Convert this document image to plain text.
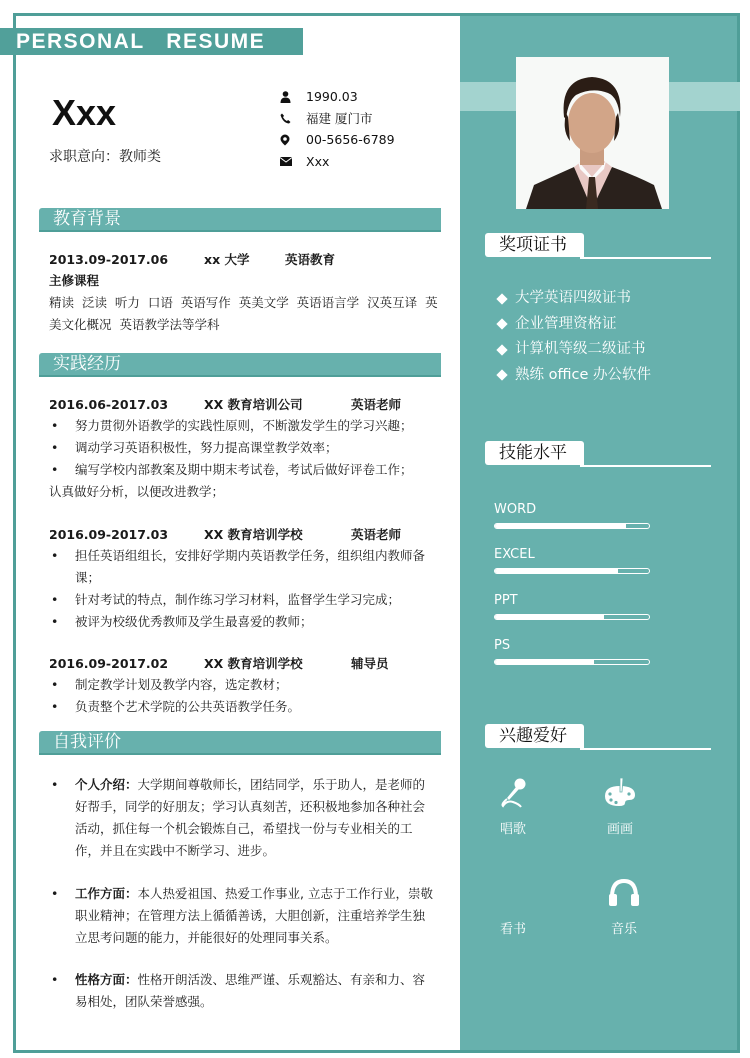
PERSONAL   RESUME
Xxx
求职意向：教师类
1990.03
福建 厦门市
00-5656-6789
Xxx
教育背景
2013.09-2017.06	xx 大学	英语教育
主修课程
精读  泛读  听力  口语  英语写作  英美文学  英语语言学  汉英互译  英
美文化概况  英语教学法等学科
实践经历
2016.06-2017.03	XX 教育培训公司	英语老师
•	努力贯彻外语教学的实践性原则，不断激发学生的学习兴趣；
•	调动学习英语积极性，努力提高课堂教学效率；
•	编写学校内部教案及期中期末考试卷，考试后做好评卷工作；
认真做好分析，以便改进教学；
2016.09-2017.03	XX 教育培训学校	英语老师
•	担任英语组组长，安排好学期内英语教学任务，组织组内教师备课；
•	针对考试的特点，制作练习学习材料，监督学生学习完成；
•	被评为校级优秀教师及学生最喜爱的教师；
2016.09-2017.02	XX 教育培训学校	辅导员
•	制定教学计划及教学内容，选定教材；
•	负责整个艺术学院的公共英语教学任务。
自我评价
•	个人介绍：大学期间尊敬师长，团结同学，乐于助人，是老师的好帮手，同学的好朋友；学习认真刻苦，还积极地参加各种社会活动，抓住每一个机会锻炼自己，希望找一份与专业相关的工作，并且在实践中不断学习、进步。
•	工作方面：本人热爱祖国、热爱工作事业, 立志于工作行业，崇敬职业精神；在管理方法上循循善诱，大胆创新，注重培养学生独立思考问题的能力，并能很好的处理同事关系。
•	性格方面：性格开朗活泼、思维严谨、乐观豁达、有亲和力、容易相处，团队荣誉感强。
奖项证书
大学英语四级证书
企业管理资格证
计算机等级二级证书
熟练 office 办公软件
技能水平
WORD
EXCEL
PPT
PS
兴趣爱好
唱歌	画画
看书	音乐
